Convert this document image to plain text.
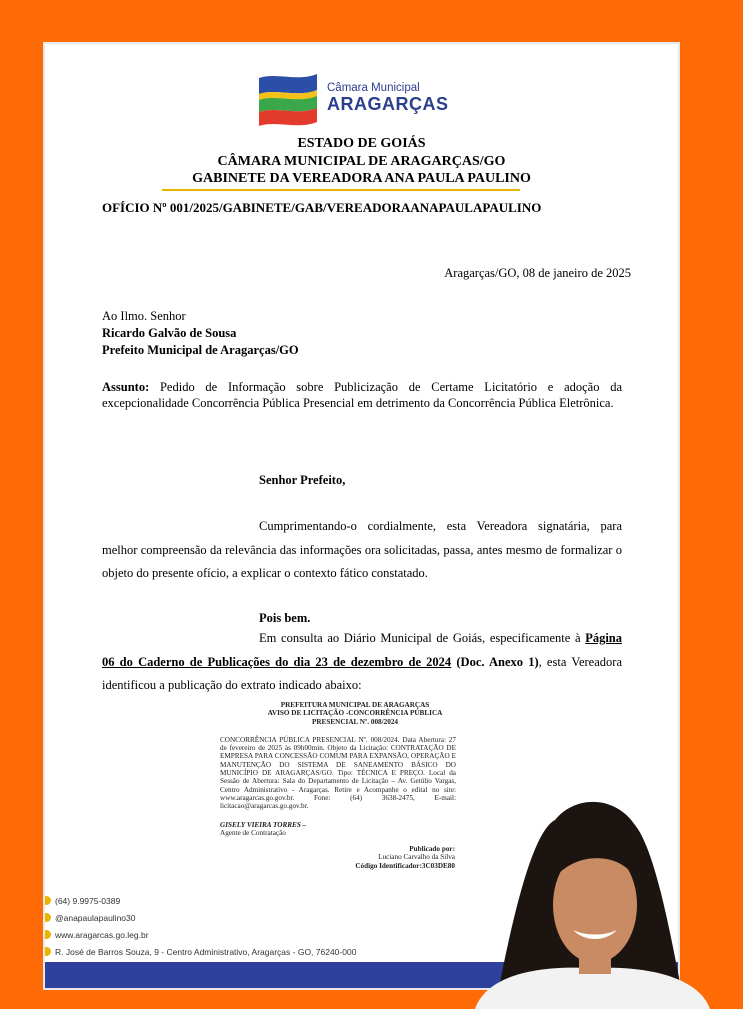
Câmara Municipal
ARAGARÇAS
ESTADO DE GOIÁS
CÂMARA MUNICIPAL DE ARAGARÇAS/GO
GABINETE DA VEREADORA ANA PAULA PAULINO
OFÍCIO Nº 001/2025/GABINETE/GAB/VEREADORAANAPAULAPAULINO
Aragarças/GO, 08 de janeiro de 2025
Ao Ilmo. Senhor
Ricardo Galvão de Sousa
Prefeito Municipal de Aragarças/GO
Assunto: Pedido de Informação sobre Publicização de Certame Licitatório e adoção da excepcionalidade Concorrência Pública Presencial em detrimento da Concorrência Pública Eletrônica.
Senhor Prefeito,
Cumprimentando-o cordialmente, esta Vereadora signatária, para melhor compreensão da relevância das informações ora solicitadas, passa, antes mesmo de formalizar o objeto do presente ofício, a explicar o contexto fático constatado.
Pois bem.
Em consulta ao Diário Municipal de Goiás, especificamente à Página 06 do Caderno de Publicações do dia 23 de dezembro de 2024 (Doc. Anexo 1), esta Vereadora identificou a publicação do extrato indicado abaixo:
PREFEITURA MUNICIPAL DE ARAGARÇAS
AVISO DE LICITAÇÃO -CONCORRÊNCIA PÚBLICA
PRESENCIAL Nº. 008/2024
CONCORRÊNCIA PÚBLICA PRESENCIAL Nº. 008/2024. Data Abertura: 27 de fevereiro de 2025 às 09h00min. Objeto da Licitação: CONTRATAÇÃO DE EMPRESA PARA CONCESSÃO COMUM PARA EXPANSÃO, OPERAÇÃO E MANUTENÇÃO DO SISTEMA DE SANEAMENTO BÁSICO DO MUNICÍPIO DE ARAGARÇAS/GO. Tipo: TÉCNICA E PREÇO. Local da Sessão de Abertura: Sala do Departamento de Licitação – Av. Getúlio Vargas, Centro Administrativo - Aragarças. Retire e Acompanhe o edital no site: www.aragarcas.go.gov.br. Fone: (64) 3638-2475, E-mail: licitacao@aragarcas.go.gov.br.
GISELY VIEIRA TORRES –
Agente de Contratação
Publicado por:
Luciano Carvalho da Silva
Código Identificador:3C03DE80
(64) 9.9975-0389
@anapaulapaulino30
www.aragarcas.go.leg.br
R. José de Barros Souza, 9 - Centro Administrativo, Aragarças - GO, 76240-000
